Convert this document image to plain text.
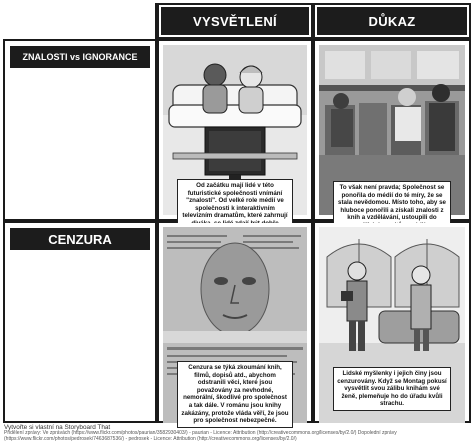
VYSVĚTLENÍ	DŮKAZ
ZNALOSTI vs IGNORANCE
Od začátku mají lidé v této futuristické společnosti vnímání "znalostí". Od velké role médií ve společnosti k interaktivním televizním dramatům, které zahrnují
To však není pravda; Společnost se ponořila do médií do té míry, že se stala nevědomou. Místo toho, aby se hluboce ponořili a získali znalosti z knih a vzdělávání, ustoupili do
CENZURA
Cenzura se týká zkoumání knih, filmů, dopisů atd., abychom odstranili věci, které jsou považovány za nevhodné, nemorální, škodlivé pro společnost a tak dále. V románu jsou knihy zakázány, protože vláda věří, že jsou pro společnost nebezpečné.
Lidské myšlenky i jejich činy jsou cenzurovány. Když se Montag pokusí vysvětlit svou zálibu knihám své ženě, plemeňuje ho do úřadu kvůli strachu.
Vytvořte si vlastní na Storyboard That
Přidělení zprávy: Ve zprávách (https://www.flickr.com/photos/paurian/3582930403/) - paurian - Licence: Attribution (http://creativecommons.org/licenses/by/2.0/) Dopolední zprávy (https://www.flickr.com/photos/pedrosek/7463687536/) - pedrosek - Licence: Attribution (http://creativecommons.org/licenses/by/2.0/)
